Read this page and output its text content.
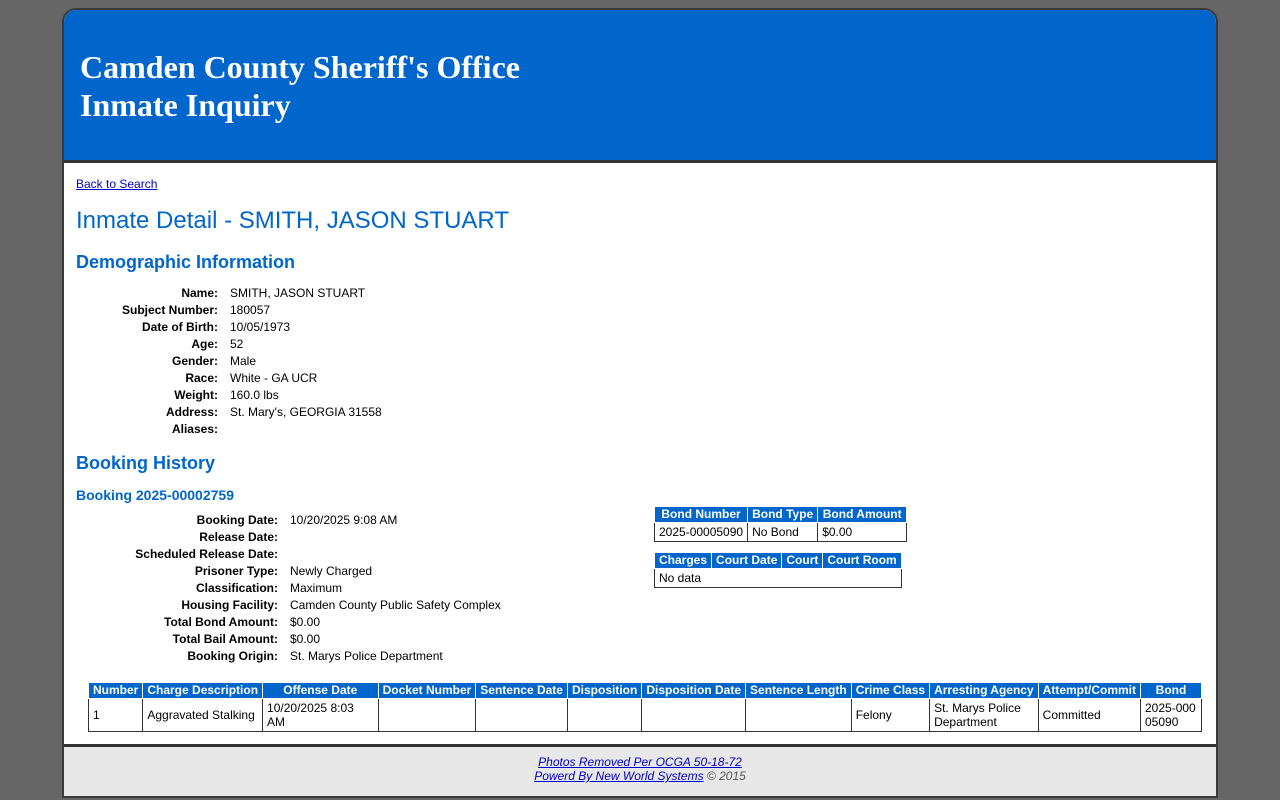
Camden County Sheriff's Office
Inmate Inquiry
Back to Search
Inmate Detail - SMITH, JASON STUART
Demographic Information
Name:	SMITH, JASON STUART
Subject Number:	180057
Date of Birth:	10/05/1973
Age:	52
Gender:	Male
Race:	White - GA UCR
Weight:	160.0 lbs
Address:	St. Mary's, GEORGIA 31558
Aliases:	
Booking History
Booking 2025-00002759
Booking Date:	10/20/2025 9:08 AM
Release Date:	
Scheduled Release Date:	
Prisoner Type:	Newly Charged
Classification:	Maximum
Housing Facility:	Camden County Public Safety Complex
Total Bond Amount:	$0.00
Total Bail Amount:	$0.00
Booking Origin:	St. Marys Police Department
Bond Number	Bond Type	Bond Amount
2025-00005090	No Bond	$0.00
Charges	Court Date	Court	Court Room
No data
Number	Charge Description	Offense Date	Docket Number	Sentence Date	Disposition	Disposition Date	Sentence Length	Crime Class	Arresting Agency	Attempt/Commit	Bond
1	Aggravated Stalking	10/20/2025 8:03 AM						Felony	St. Marys Police Department	Committed	2025-00005090
Photos Removed Per OCGA 50-18-72
Powerd By New World Systems © 2015
